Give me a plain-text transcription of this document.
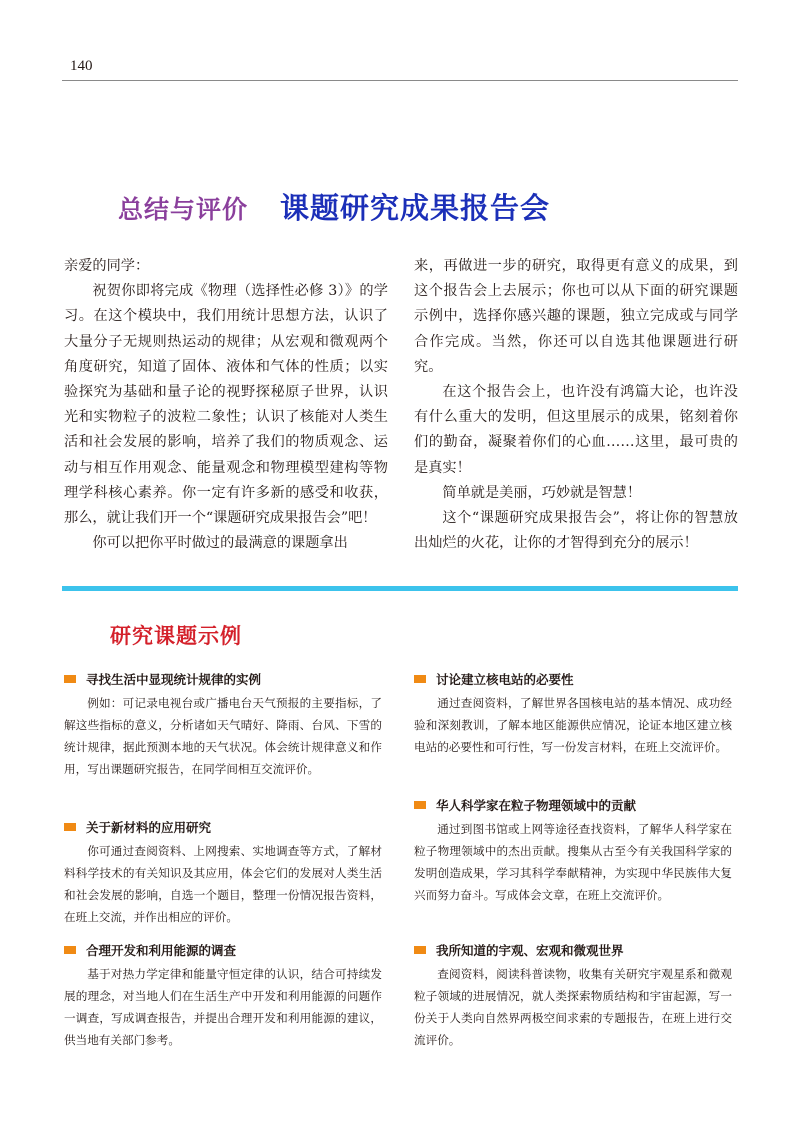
140
总结与评价 课题研究成果报告会

亲爱的同学：

祝贺你即将完成《物理（选择性必修 3）》的学习。在这个模块中，我们用统计思想方法，认识了大量分子无规则热运动的规律；从宏观和微观两个角度研究，知道了固体、液体和气体的性质；以实验探究为基础和量子论的视野探秘原子世界，认识光和实物粒子的波粒二象性；认识了核能对人类生活和社会发展的影响，培养了我们的物质观念、运动与相互作用观念、能量观念和物理模型建构等物理学科核心素养。你一定有许多新的感受和收获，那么，就让我们开一个“课题研究成果报告会”吧！

你可以把你平时做过的最满意的课题拿出

来，再做进一步的研究，取得更有意义的成果，到这个报告会上去展示；你也可以从下面的研究课题示例中，选择你感兴趣的课题，独立完成或与同学合作完成。当然，你还可以自选其他课题进行研究。

在这个报告会上，也许没有鸿篇大论，也许没有什么重大的发明，但这里展示的成果，铭刻着你们的勤奋，凝聚着你们的心血……这里，最可贵的是真实！

简单就是美丽，巧妙就是智慧！

这个“课题研究成果报告会”，将让你的智慧放出灿烂的火花，让你的才智得到充分的展示！

研究课题示例
寻找生活中显现统计规律的实例

例如：可记录电视台或广播电台天气预报的主要指标，了解这些指标的意义，分析诸如天气晴好、降雨、台风、下雪的统计规律，据此预测本地的天气状况。体会统计规律意义和作用，写出课题研究报告，在同学间相互交流评价。

关于新材料的应用研究

你可通过查阅资料、上网搜索、实地调查等方式，了解材料科学技术的有关知识及其应用，体会它们的发展对人类生活和社会发展的影响，自选一个题目，整理一份情况报告资料，在班上交流，并作出相应的评价。

合理开发和利用能源的调查

基于对热力学定律和能量守恒定律的认识，结合可持续发展的理念，对当地人们在生活生产中开发和利用能源的问题作一调查，写成调查报告，并提出合理开发和利用能源的建议，供当地有关部门参考。

讨论建立核电站的必要性

通过查阅资料，了解世界各国核电站的基本情况、成功经验和深刻教训，了解本地区能源供应情况，论证本地区建立核电站的必要性和可行性，写一份发言材料，在班上交流评价。

华人科学家在粒子物理领域中的贡献

通过到图书馆或上网等途径查找资料，了解华人科学家在粒子物理领域中的杰出贡献。搜集从古至今有关我国科学家的发明创造成果，学习其科学奉献精神，为实现中华民族伟大复兴而努力奋斗。写成体会文章，在班上交流评价。

我所知道的宇观、宏观和微观世界

查阅资料，阅读科普读物，收集有关研究宇观星系和微观粒子领域的进展情况，就人类探索物质结构和宇宙起源，写一份关于人类向自然界两极空间求索的专题报告，在班上进行交流评价。
